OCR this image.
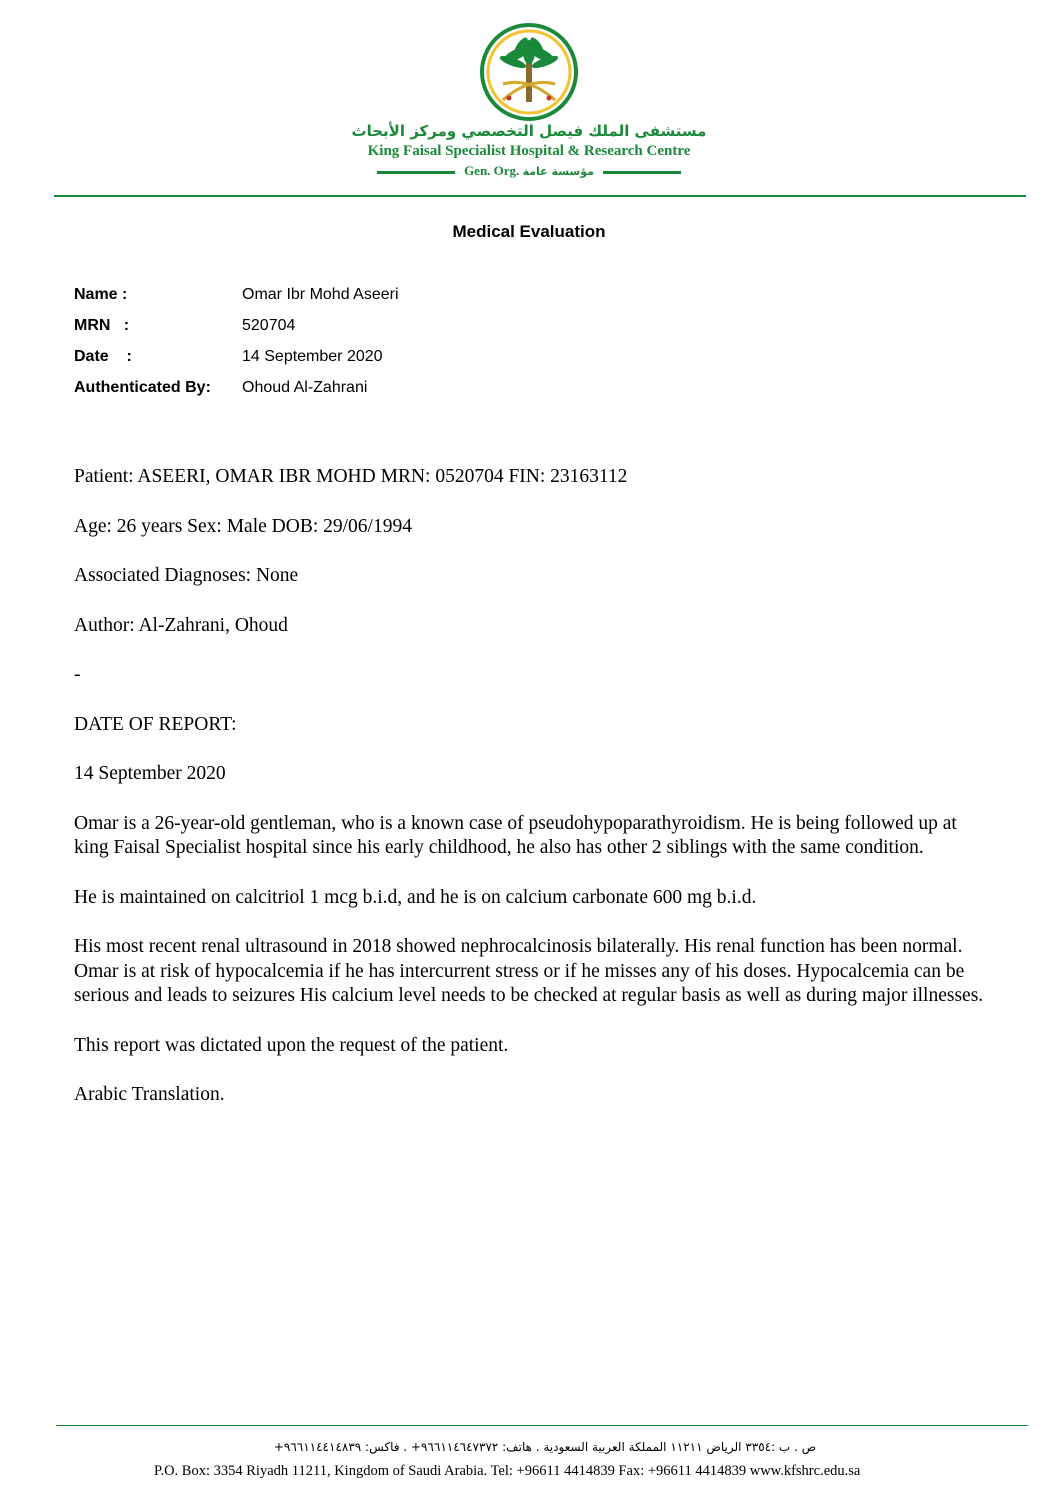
مستشفى الملك فيصل التخصصي ومركز الأبحاث
King Faisal Specialist Hospital & Research Centre
Gen. Org. مؤسسة عامة
Medical Evaluation
Name :	Omar Ibr Mohd Aseeri
MRN   :	520704
Date    :	14 September 2020
Authenticated By:	Ohoud Al-Zahrani

Patient: ASEERI, OMAR IBR MOHD MRN: 0520704 FIN: 23163112

Age: 26 years Sex: Male DOB: 29/06/1994

Associated Diagnoses: None

Author: Al-Zahrani, Ohoud

-

DATE OF REPORT:

14 September 2020

Omar is a 26-year-old gentleman, who is a known case of pseudohypoparathyroidism. He is being followed up at king Faisal Specialist hospital since his early childhood, he also has other 2 siblings with the same condition.

He is maintained on calcitriol 1 mcg b.i.d, and he is on calcium carbonate 600 mg b.i.d.

His most recent renal ultrasound in 2018 showed nephrocalcinosis bilaterally. His renal function has been normal. Omar is at risk of hypocalcemia if he has intercurrent stress or if he misses any of his doses. Hypocalcemia can be serious and leads to seizures His calcium level needs to be checked at regular basis as well as during major illnesses.

This report was dictated upon the request of the patient.

Arabic Translation.

ص . ب :٣٣٥٤ الرياض ١١٢١١ المملكة العربية السعودية . هاتف: ٩٦٦١١٤٦٤٧٣٧٢+ . فاكس: ٩٦٦١١٤٤١٤٨٣٩+
P.O. Box: 3354 Riyadh 11211, Kingdom of Saudi Arabia. Tel: +96611 4414839 Fax: +96611 4414839 www.kfshrc.edu.sa
